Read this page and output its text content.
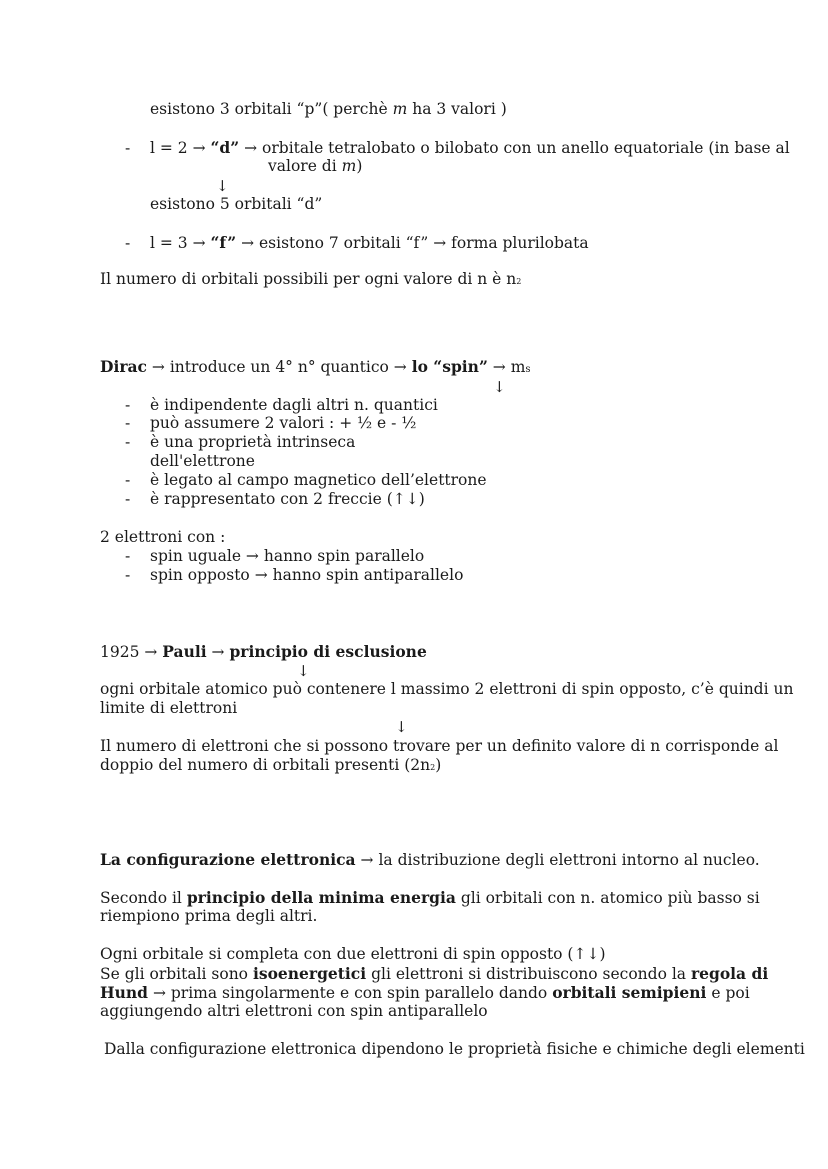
esistono 3 orbitali “p”( perchè m ha 3 valori )
- l = 2 → “d” → orbitale tetralobato o bilobato con un anello equatoriale (in base al
valore di m)
↓
esistono 5 orbitali “d”
- l = 3 → “f” → esistono 7 orbitali “f” → forma plurilobata
Il numero di orbitali possibili per ogni valore di n è n2
Dirac → introduce un 4° n° quantico → lo “spin” → ms
↓
- è indipendente dagli altri n. quantici
- può assumere 2 valori : + ½ e - ½
- è una proprietà intrinseca
dell'elettrone
- è legato al campo magnetico dell’elettrone
- è rappresentato con 2 freccie (↑↓)
2 elettroni con :
- spin uguale → hanno spin parallelo
- spin opposto → hanno spin antiparallelo
1925 → Pauli → principio di esclusione
↓
ogni orbitale atomico può contenere l massimo 2 elettroni di spin opposto, c’è quindi un
limite di elettroni
↓
Il numero di elettroni che si possono trovare per un definito valore di n corrisponde al
doppio del numero di orbitali presenti (2n2)
La configurazione elettronica → la distribuzione degli elettroni intorno al nucleo.
Secondo il principio della minima energia gli orbitali con n. atomico più basso si
riempiono prima degli altri.
Ogni orbitale si completa con due elettroni di spin opposto (↑↓)
Se gli orbitali sono isoenergetici gli elettroni si distribuiscono secondo la regola di
Hund → prima singolarmente e con spin parallelo dando orbitali semipieni e poi
aggiungendo altri elettroni con spin antiparallelo
Dalla configurazione elettronica dipendono le proprietà fisiche e chimiche degli elementi
